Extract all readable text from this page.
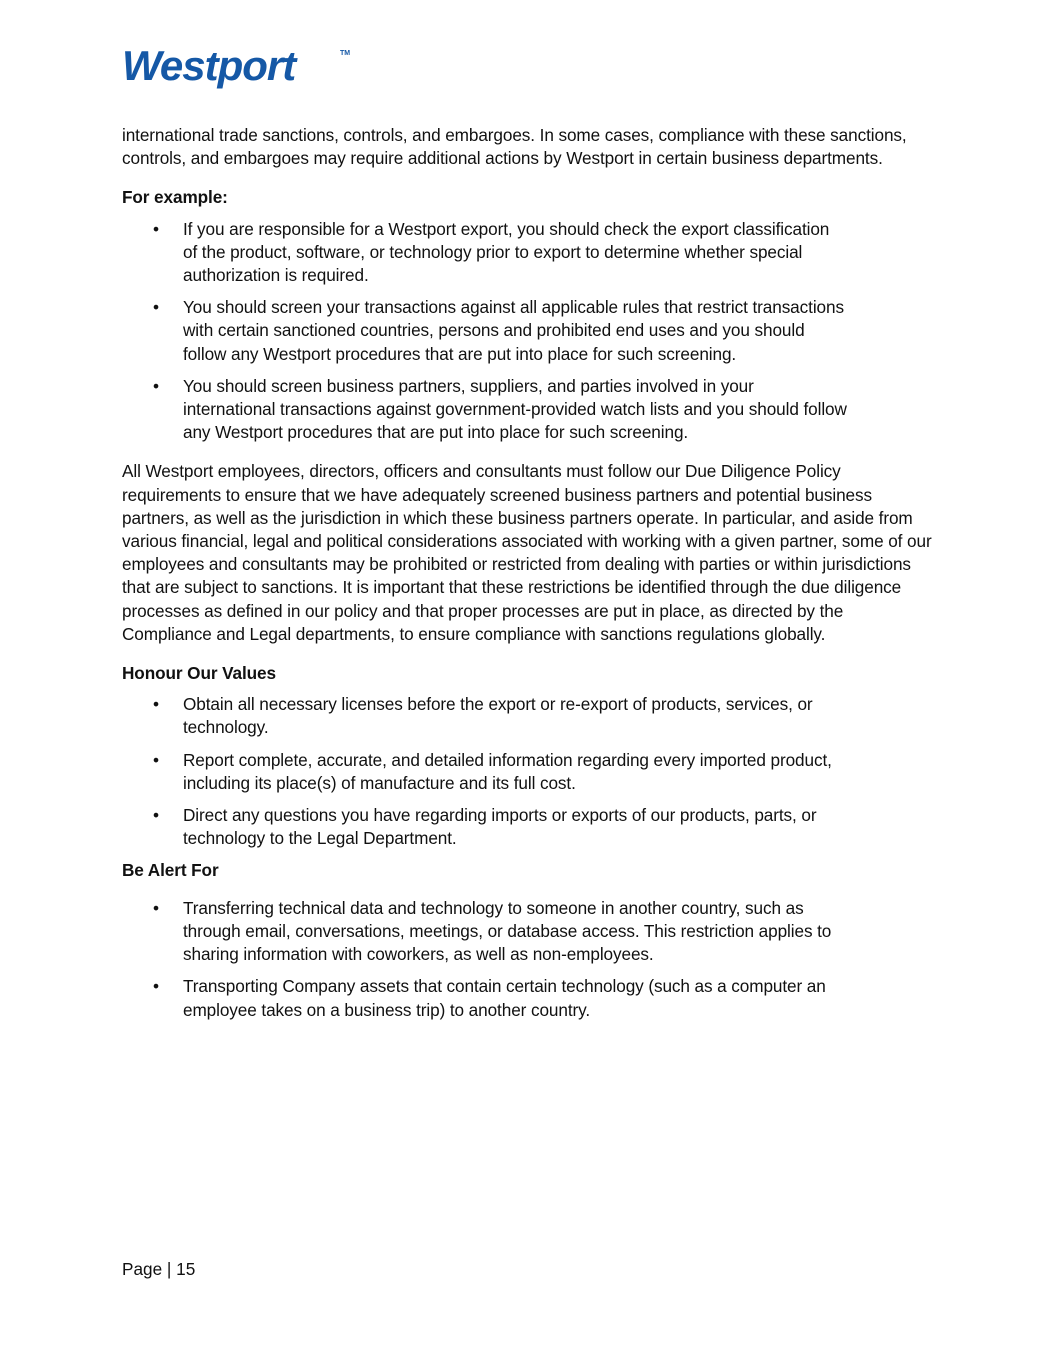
Westport	TM

international trade sanctions, controls, and embargoes. In some cases, compliance with these sanctions, controls, and embargoes may require additional actions by Westport in certain business departments.

For example:

• If you are responsible for a Westport export, you should check the export classification of the product, software, or technology prior to export to determine whether special authorization is required.
• You should screen your transactions against all applicable rules that restrict transactions with certain sanctioned countries, persons and prohibited end uses and you should follow any Westport procedures that are put into place for such screening.
• You should screen business partners, suppliers, and parties involved in your international transactions against government-provided watch lists and you should follow any Westport procedures that are put into place for such screening.

All Westport employees, directors, officers and consultants must follow our Due Diligence Policy requirements to ensure that we have adequately screened business partners and potential business partners, as well as the jurisdiction in which these business partners operate. In particular, and aside from various financial, legal and political considerations associated with working with a given partner, some of our employees and consultants may be prohibited or restricted from dealing with parties or within jurisdictions that are subject to sanctions. It is important that these restrictions be identified through the due diligence processes as defined in our policy and that proper processes are put in place, as directed by the Compliance and Legal departments, to ensure compliance with sanctions regulations globally.

Honour Our Values

• Obtain all necessary licenses before the export or re-export of products, services, or technology.
• Report complete, accurate, and detailed information regarding every imported product, including its place(s) of manufacture and its full cost.
• Direct any questions you have regarding imports or exports of our products, parts, or technology to the Legal Department.

Be Alert For

• Transferring technical data and technology to someone in another country, such as through email, conversations, meetings, or database access. This restriction applies to sharing information with coworkers, as well as non-employees.
• Transporting Company assets that contain certain technology (such as a computer an employee takes on a business trip) to another country.
Page | 15
